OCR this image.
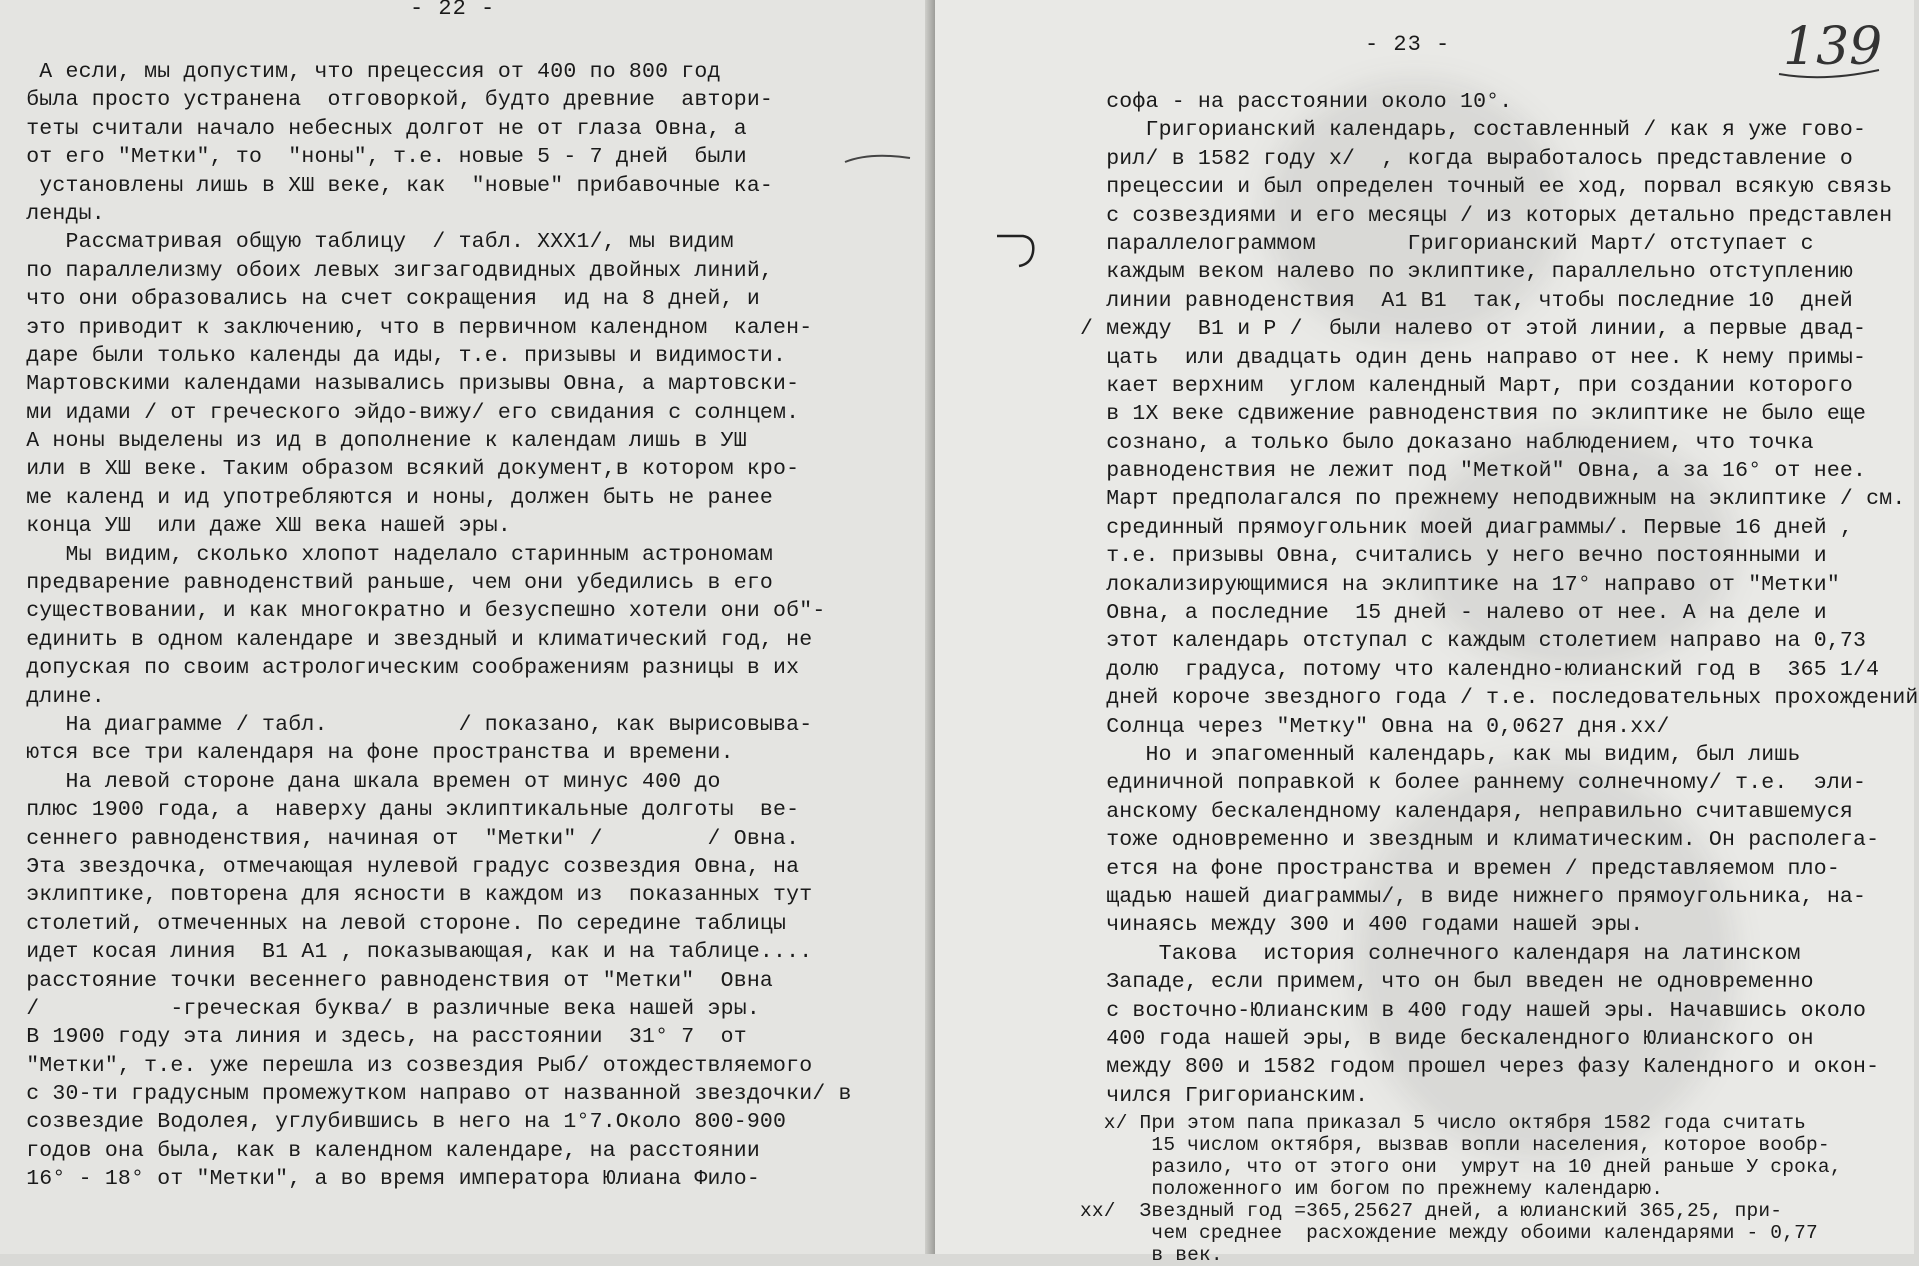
- 22 -
А если, мы допустим, что прецессия от 400 по 800 год
была просто устранена  отговоркой, будто древние  автори-
теты считали начало небесных долгот не от глаза Овна, а
от его "Метки", то  "ноны", т.е. новые 5 - 7 дней  были
установлены лишь в ХШ веке, как  "новые" прибавочные ка-
ленды.
Рассматривая общую таблицу  / табл. ХХХ1/, мы видим
по параллелизму обоих левых зигзагодвидных двойных линий,
что они образовались на счет сокращения  ид на 8 дней, и
это приводит к заключению, что в первичном календном  кален-
даре были только календы да иды, т.е. призывы и видимости.
Мартовскими календами назывались призывы Овна, а мартовски-
ми идами / от греческого эйдо-вижу/ его свидания с солнцем.
А ноны выделены из ид в дополнение к календам лишь в УШ
или в ХШ веке. Таким образом всякий документ,в котором кро-
ме календ и ид употребляются и ноны, должен быть не ранее
конца УШ  или даже ХШ века нашей эры.
Мы видим, сколько хлопот наделало старинным астрономам
предварение равноденствий раньше, чем они убедились в его
существовании, и как многократно и безуспешно хотели они об"-
единить в одном календаре и звездный и климатический год, не
допуская по своим астрологическим соображениям разницы в их
длине.
На диаграмме / табл.          / показано, как вырисовыва-
ются все три календаря на фоне пространства и времени.
На левой стороне дана шкала времен от минус 400 до
плюс 1900 года, а  наверху даны эклиптикальные долготы  ве-
сеннего равноденствия, начиная от  "Метки" /        / Овна.
Эта звездочка, отмечающая нулевой градус созвездия Овна, на
эклиптике, повторена для ясности в каждом из  показанных тут
столетий, отмеченных на левой стороне. По середине таблицы
идет косая линия  В1 А1 , показывающая, как и на таблице....
расстояние точки весеннего равноденствия от "Метки"  Овна
/          -греческая буква/ в различные века нашей эры.
В 1900 году эта линия и здесь, на расстоянии  31° 7  от
"Метки", т.е. уже перешла из созвездия Рыб/ отождествляемого
с 30-ти градусным промежутком направо от названной звездочки/ в
созвездие Водолея, углубившись в него на 1°7.Около 800-900
годов она была, как в календном календаре, на расстоянии
16° - 18° от "Метки", а во время императора Юлиана Фило-
- 23 -	139
софа - на расстоянии около 10°.
Григорианский календарь, составленный / как я уже гово-
рил/ в 1582 году х/  , когда выработалось представление о
прецессии и был определен точный ее ход, порвал всякую связь
с созвездиями и его месяцы / из которых детально представлен
параллелограммом       Григорианский Март/ отступает с
каждым веком налево по эклиптике, параллельно отступлению
линии равноденствия  А1 В1  так, чтобы последние 10  дней
/ между  В1 и Р /  были налево от этой линии, а первые двад-
цать  или двадцать один день направо от нее. К нему примы-
кает верхним  углом календный Март, при создании которого
в 1Х веке сдвижение равноденствия по эклиптике не было еще
сознано, а только было доказано наблюдением, что точка
равноденствия не лежит под "Меткой" Овна, а за 16° от нее.
Март предполагался по прежнему неподвижным на эклиптике / см.
срединный прямоугольник моей диаграммы/. Первые 16 дней ,
т.е. призывы Овна, считались у него вечно постоянными и
локализирующимися на эклиптике на 17° направо от "Метки"
Овна, а последние  15 дней - налево от нее. А на деле и
этот календарь отступал с каждым столетием направо на 0,73
долю  градуса, потому что календно-юлианский год в  365 1/4
дней короче звездного года / т.е. последовательных прохождений
Солнца через "Метку" Овна на 0,0627 дня.хх/
Но и эпагоменный календарь, как мы видим, был лишь
единичной поправкой к более раннему солнечному/ т.е.  эли-
анскому бескалендному календаря, неправильно считавшемуся
тоже одновременно и звездным и климатическим. Он располега-
ется на фоне пространства и времен / представляемом пло-
щадью нашей диаграммы/, в виде нижнего прямоугольника, на-
чинаясь между 300 и 400 годами нашей эры.
Такова  история солнечного календаря на латинском
Западе, если примем, что он был введен не одновременно
с восточно-Юлианским в 400 году нашей эры. Начавшись около
400 года нашей эры, в видe бескалендного Юлианского он
между 800 и 1582 годом прошел через фазу Календного и окон-
чился Григорианским.
х/ При этом папа приказал 5 число октября 1582 года считать
15 числом октября, вызвав вопли населения, которое вообр-
разило, что от этого они  умрут на 10 дней раньше У срока,
положенного им богом по прежнему календарю.
хх/  Звездный год =365,25627 дней, а юлианский 365,25, при-
чем среднее  расхождение между обоими календарями - 0,77
в век.
